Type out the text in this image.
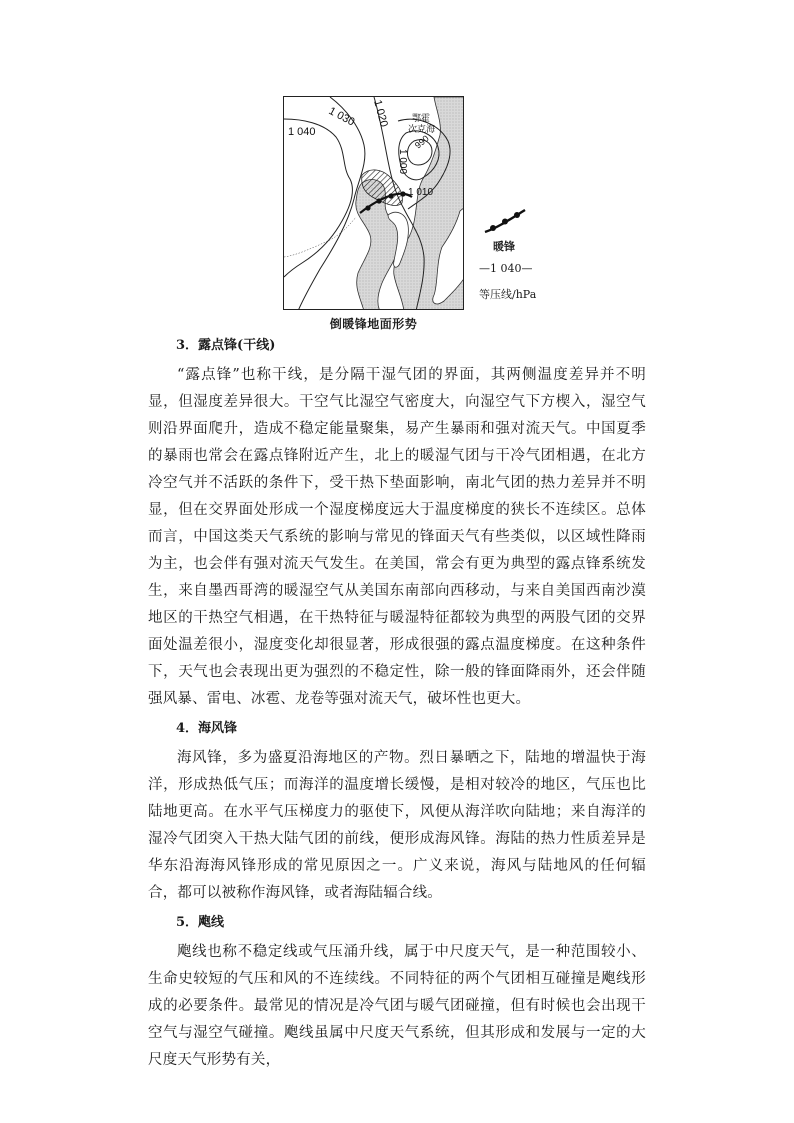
1 040
1 030 1 020
1 000
990
1 010
鄂霍次克海
倒暖锋地面形势
暖锋
—1 040—
等压线/hPa
3．露点锋(干线)

“露点锋”也称干线，是分隔干湿气团的界面，其两侧温度差异并不明显，但湿度差异很大。干空气比湿空气密度大，向湿空气下方楔入，湿空气则沿界面爬升，造成不稳定能量聚集，易产生暴雨和强对流天气。中国夏季的暴雨也常会在露点锋附近产生，北上的暖湿气团与干冷气团相遇，在北方冷空气并不活跃的条件下，受干热下垫面影响，南北气团的热力差异并不明显，但在交界面处形成一个湿度梯度远大于温度梯度的狭长不连续区。总体而言，中国这类天气系统的影响与常见的锋面天气有些类似，以区域性降雨为主，也会伴有强对流天气发生。在美国，常会有更为典型的露点锋系统发生，来自墨西哥湾的暖湿空气从美国东南部向西移动，与来自美国西南沙漠地区的干热空气相遇，在干热特征与暖湿特征都较为典型的两股气团的交界面处温差很小，湿度变化却很显著，形成很强的露点温度梯度。在这种条件下，天气也会表现出更为强烈的不稳定性，除一般的锋面降雨外，还会伴随强风暴、雷电、冰雹、龙卷等强对流天气，破坏性也更大。

4．海风锋

海风锋，多为盛夏沿海地区的产物。烈日暴晒之下，陆地的增温快于海洋，形成热低气压；而海洋的温度增长缓慢，是相对较冷的地区，气压也比陆地更高。在水平气压梯度力的驱使下，风便从海洋吹向陆地；来自海洋的湿冷气团突入干热大陆气团的前线，便形成海风锋。海陆的热力性质差异是华东沿海海风锋形成的常见原因之一。广义来说，海风与陆地风的任何辐合，都可以被称作海风锋，或者海陆辐合线。

5．飑线

飑线也称不稳定线或气压涌升线，属于中尺度天气，是一种范围较小、生命史较短的气压和风的不连续线。不同特征的两个气团相互碰撞是飑线形成的必要条件。最常见的情况是冷气团与暖气团碰撞，但有时候也会出现干空气与湿空气碰撞。飑线虽属中尺度天气系统，但其形成和发展与一定的大尺度天气形势有关，
